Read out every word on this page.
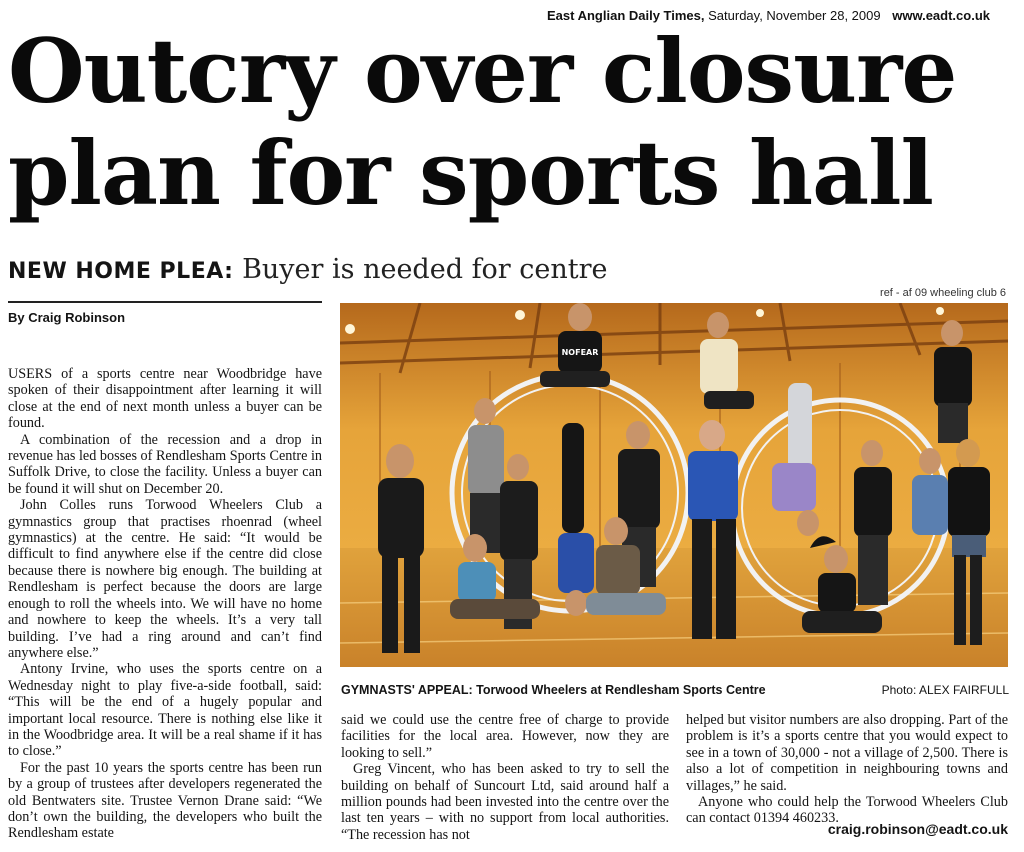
East Anglian Daily Times, Saturday, November 28, 2009 www.eadt.co.uk
Outcry over closure plan for sports hall
NEW HOME PLEA: Buyer is needed for centre
By Craig Robinson

USERS of a sports centre near Woodbridge have spoken of their disappointment after learning it will close at the end of next month unless a buyer can be found.

A combination of the recession and a drop in revenue has led bosses of Rendlesham Sports Centre in Suffolk Drive, to close the facility. Unless a buyer can be found it will shut on December 20.

John Colles runs Torwood Wheelers Club a gymnastics group that practises rhoenrad (wheel gymnastics) at the centre. He said: “It would be difficult to find anywhere else if the centre did close because there is nowhere big enough. The building at Rendlesham is perfect because the doors are large enough to roll the wheels into. We will have no home and nowhere to keep the wheels. It’s a very tall building. I’ve had a ring around and can’t find anywhere else.”

Antony Irvine, who uses the sports centre on a Wednesday night to play five-a-side football, said: “This will be the end of a hugely popular and important local resource. There is nothing else like it in the Woodbridge area. It will be a real shame if it has to close.”

For the past 10 years the sports centre has been run by a group of trustees after developers regenerated the old Bentwaters site. Trustee Vernon Drane said: “We don’t own the building, the developers who built the Rendlesham estate

ref - af 09 wheeling club 6
NOFEAR
GYMNASTS' APPEAL: Torwood Wheelers at Rendlesham Sports Centre	Photo: ALEX FAIRFULL

said we could use the centre free of charge to provide facilities for the local area. However, now they are looking to sell.”

Greg Vincent, who has been asked to try to sell the building on behalf of Suncourt Ltd, said around half a million pounds had been invested into the centre over the last ten years – with no support from local authorities. “The recession has not

helped but visitor numbers are also dropping. Part of the problem is it’s a sports centre that you would expect to see in a town of 30,000 - not a village of 2,500. There is also a lot of competition in neighbouring towns and villages,” he said.

Anyone who could help the Torwood Wheelers Club can contact 01394 460233.

craig.robinson@eadt.co.uk
